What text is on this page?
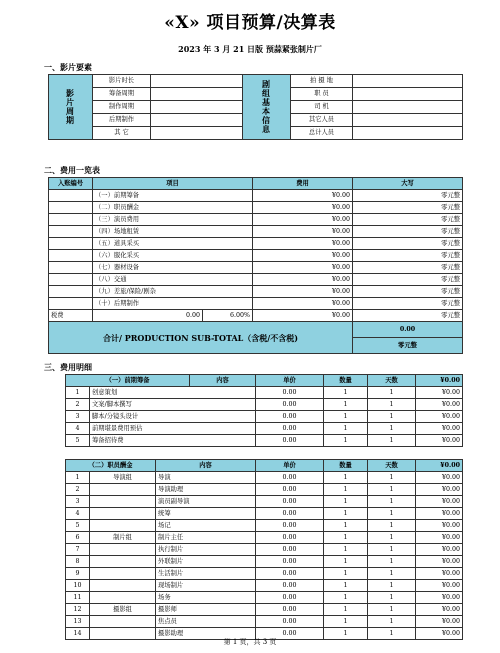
«X» 项目预算/决算表
2023 年 3 月 21 日版 预蒜紧张制片厂
一、影片要素
影片周期	影片时长		剧组基本信息	拍 摄 地	
	筹备周期			职 员	
	制作周期			司 机	
	后期制作			其它人员	
	其 它			总计人员	
二、费用一览表
入账编号	项目		费用	大写
	（一）前期筹备		¥0.00	零元整
	（二）职员酬金		¥0.00	零元整
	（三）演员费用		¥0.00	零元整
	（四）场地租赁		¥0.00	零元整
	（五）道具采买		¥0.00	零元整
	（六）服化采买		¥0.00	零元整
	（七）器材设备		¥0.00	零元整
	（八）交通		¥0.00	零元整
	（九）差旅/保险/剧杂		¥0.00	零元整
	（十）后期制作		¥0.00	零元整
税费	0.00	6.00%	¥0.00	零元整
合计/ PRODUCTION SUB-TOTAL（含税/不含税)				0.00
				零元整
三、费用明细
（一）前期筹备		内容	单价	数量	天数	¥0.00
1	创意策划		0.00	1	1	¥0.00
2	文案/脚本撰写		0.00	1	1	¥0.00
3	脚本/分镜头设计		0.00	1	1	¥0.00
4	前期堪景费用预估		0.00	1	1	¥0.00
5	筹备招待费		0.00	1	1	¥0.00
（二）职员酬金		内容	单价	数量	天数	¥0.00
1	导演组	导演	0.00	1	1	¥0.00
2		导演助理	0.00	1	1	¥0.00
3		演员副导演	0.00	1	1	¥0.00
4		统筹	0.00	1	1	¥0.00
5		场记	0.00	1	1	¥0.00
6	制片组	制片主任	0.00	1	1	¥0.00
7		执行制片	0.00	1	1	¥0.00
8		外联制片	0.00	1	1	¥0.00
9		生活制片	0.00	1	1	¥0.00
10		现场制片	0.00	1	1	¥0.00
11		场务	0.00	1	1	¥0.00
12	摄影组	摄影师	0.00	1	1	¥0.00
13		焦点员	0.00	1	1	¥0.00
14		摄影助理	0.00	1	1	¥0.00
第 1 页，共 3 页
